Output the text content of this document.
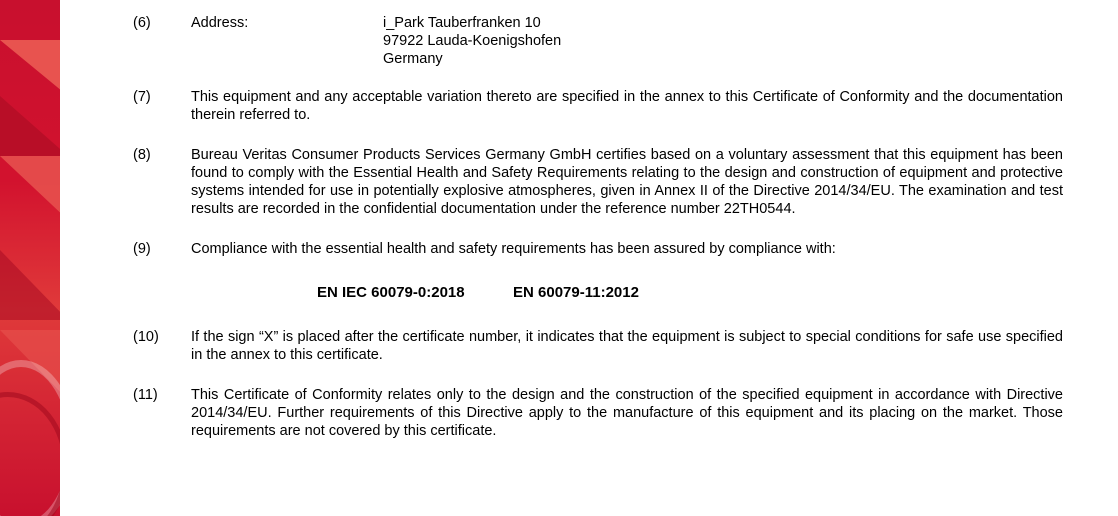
(6)	Address:	i_Park Tauberfranken 10
97922 Lauda-Koenigshofen
Germany
(7)	This equipment and any acceptable variation thereto are specified in the annex to this Certificate of Conformity and the documentation therein referred to.
(8)	Bureau Veritas Consumer Products Services Germany GmbH certifies based on a voluntary assessment that this equipment has been found to comply with the Essential Health and Safety Requirements relating to the design and construction of equipment and protective systems intended for use in potentially explosive atmospheres, given in Annex II of the Directive 2014/34/EU. The examination and test results are recorded in the confidential documentation under the reference number 22TH0544.
(9)	Compliance with the essential health and safety requirements has been assured by compliance with:
EN IEC 60079-0:2018	EN 60079-11:2012
(10)	If the sign “X” is placed after the certificate number, it indicates that the equipment is subject to special conditions for safe use specified in the annex to this certificate.
(11)	This Certificate of Conformity relates only to the design and the construction of the specified equipment in accordance with Directive 2014/34/EU. Further requirements of this Directive apply to the manufacture of this equipment and its placing on the market. Those requirements are not covered by this certificate.
